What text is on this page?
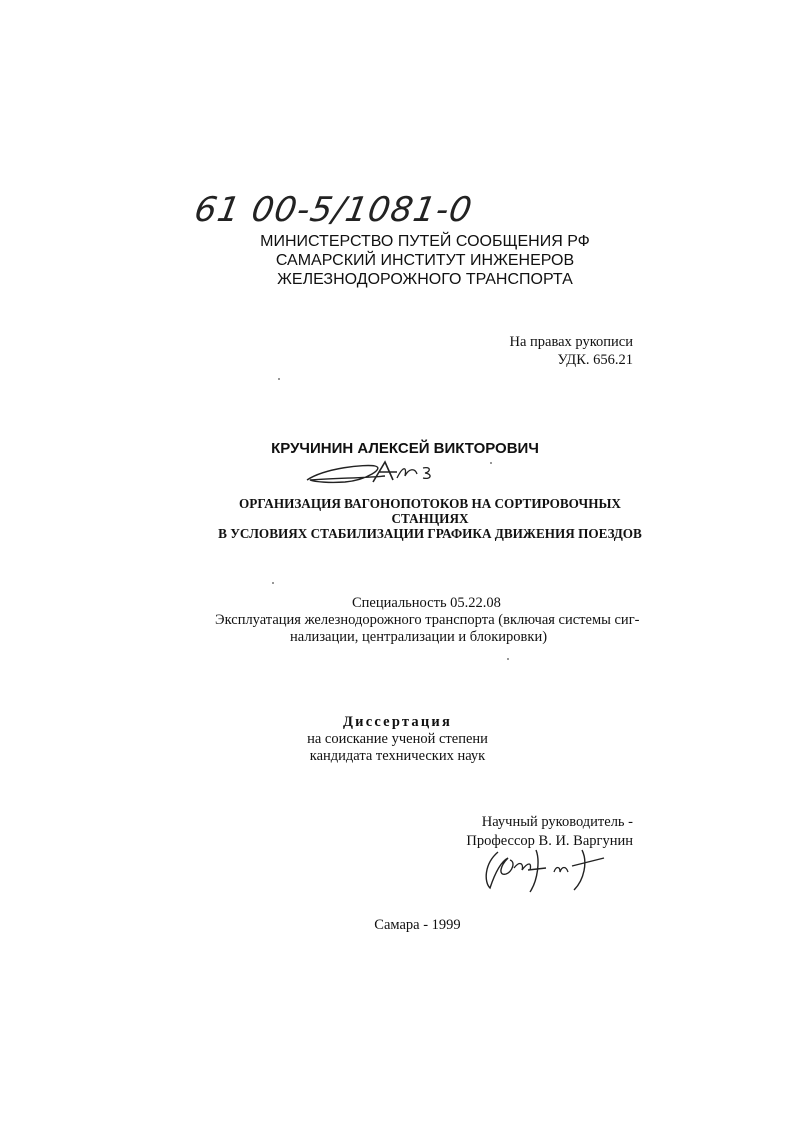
61 00-5/1081-0
МИНИСТЕРСТВО ПУТЕЙ СООБЩЕНИЯ РФ
САМАРСКИЙ ИНСТИТУТ ИНЖЕНЕРОВ
ЖЕЛЕЗНОДОРОЖНОГО ТРАНСПОРТА
На правах рукописи
УДК. 656.21
КРУЧИНИН АЛЕКСЕЙ ВИКТОРОВИЧ
ОРГАНИЗАЦИЯ ВАГОНОПОТОКОВ НА СОРТИРОВОЧНЫХ СТАНЦИЯХ
В УСЛОВИЯХ СТАБИЛИЗАЦИИ ГРАФИКА ДВИЖЕНИЯ ПОЕЗДОВ
Специальность 05.22.08
Эксплуатация железнодорожного транспорта (включая системы сиг-
нализации, централизации и блокировки)
Диссертация
на соискание ученой степени
кандидата технических наук
Научный руководитель -
Профессор В. И. Варгунин
Самара - 1999
